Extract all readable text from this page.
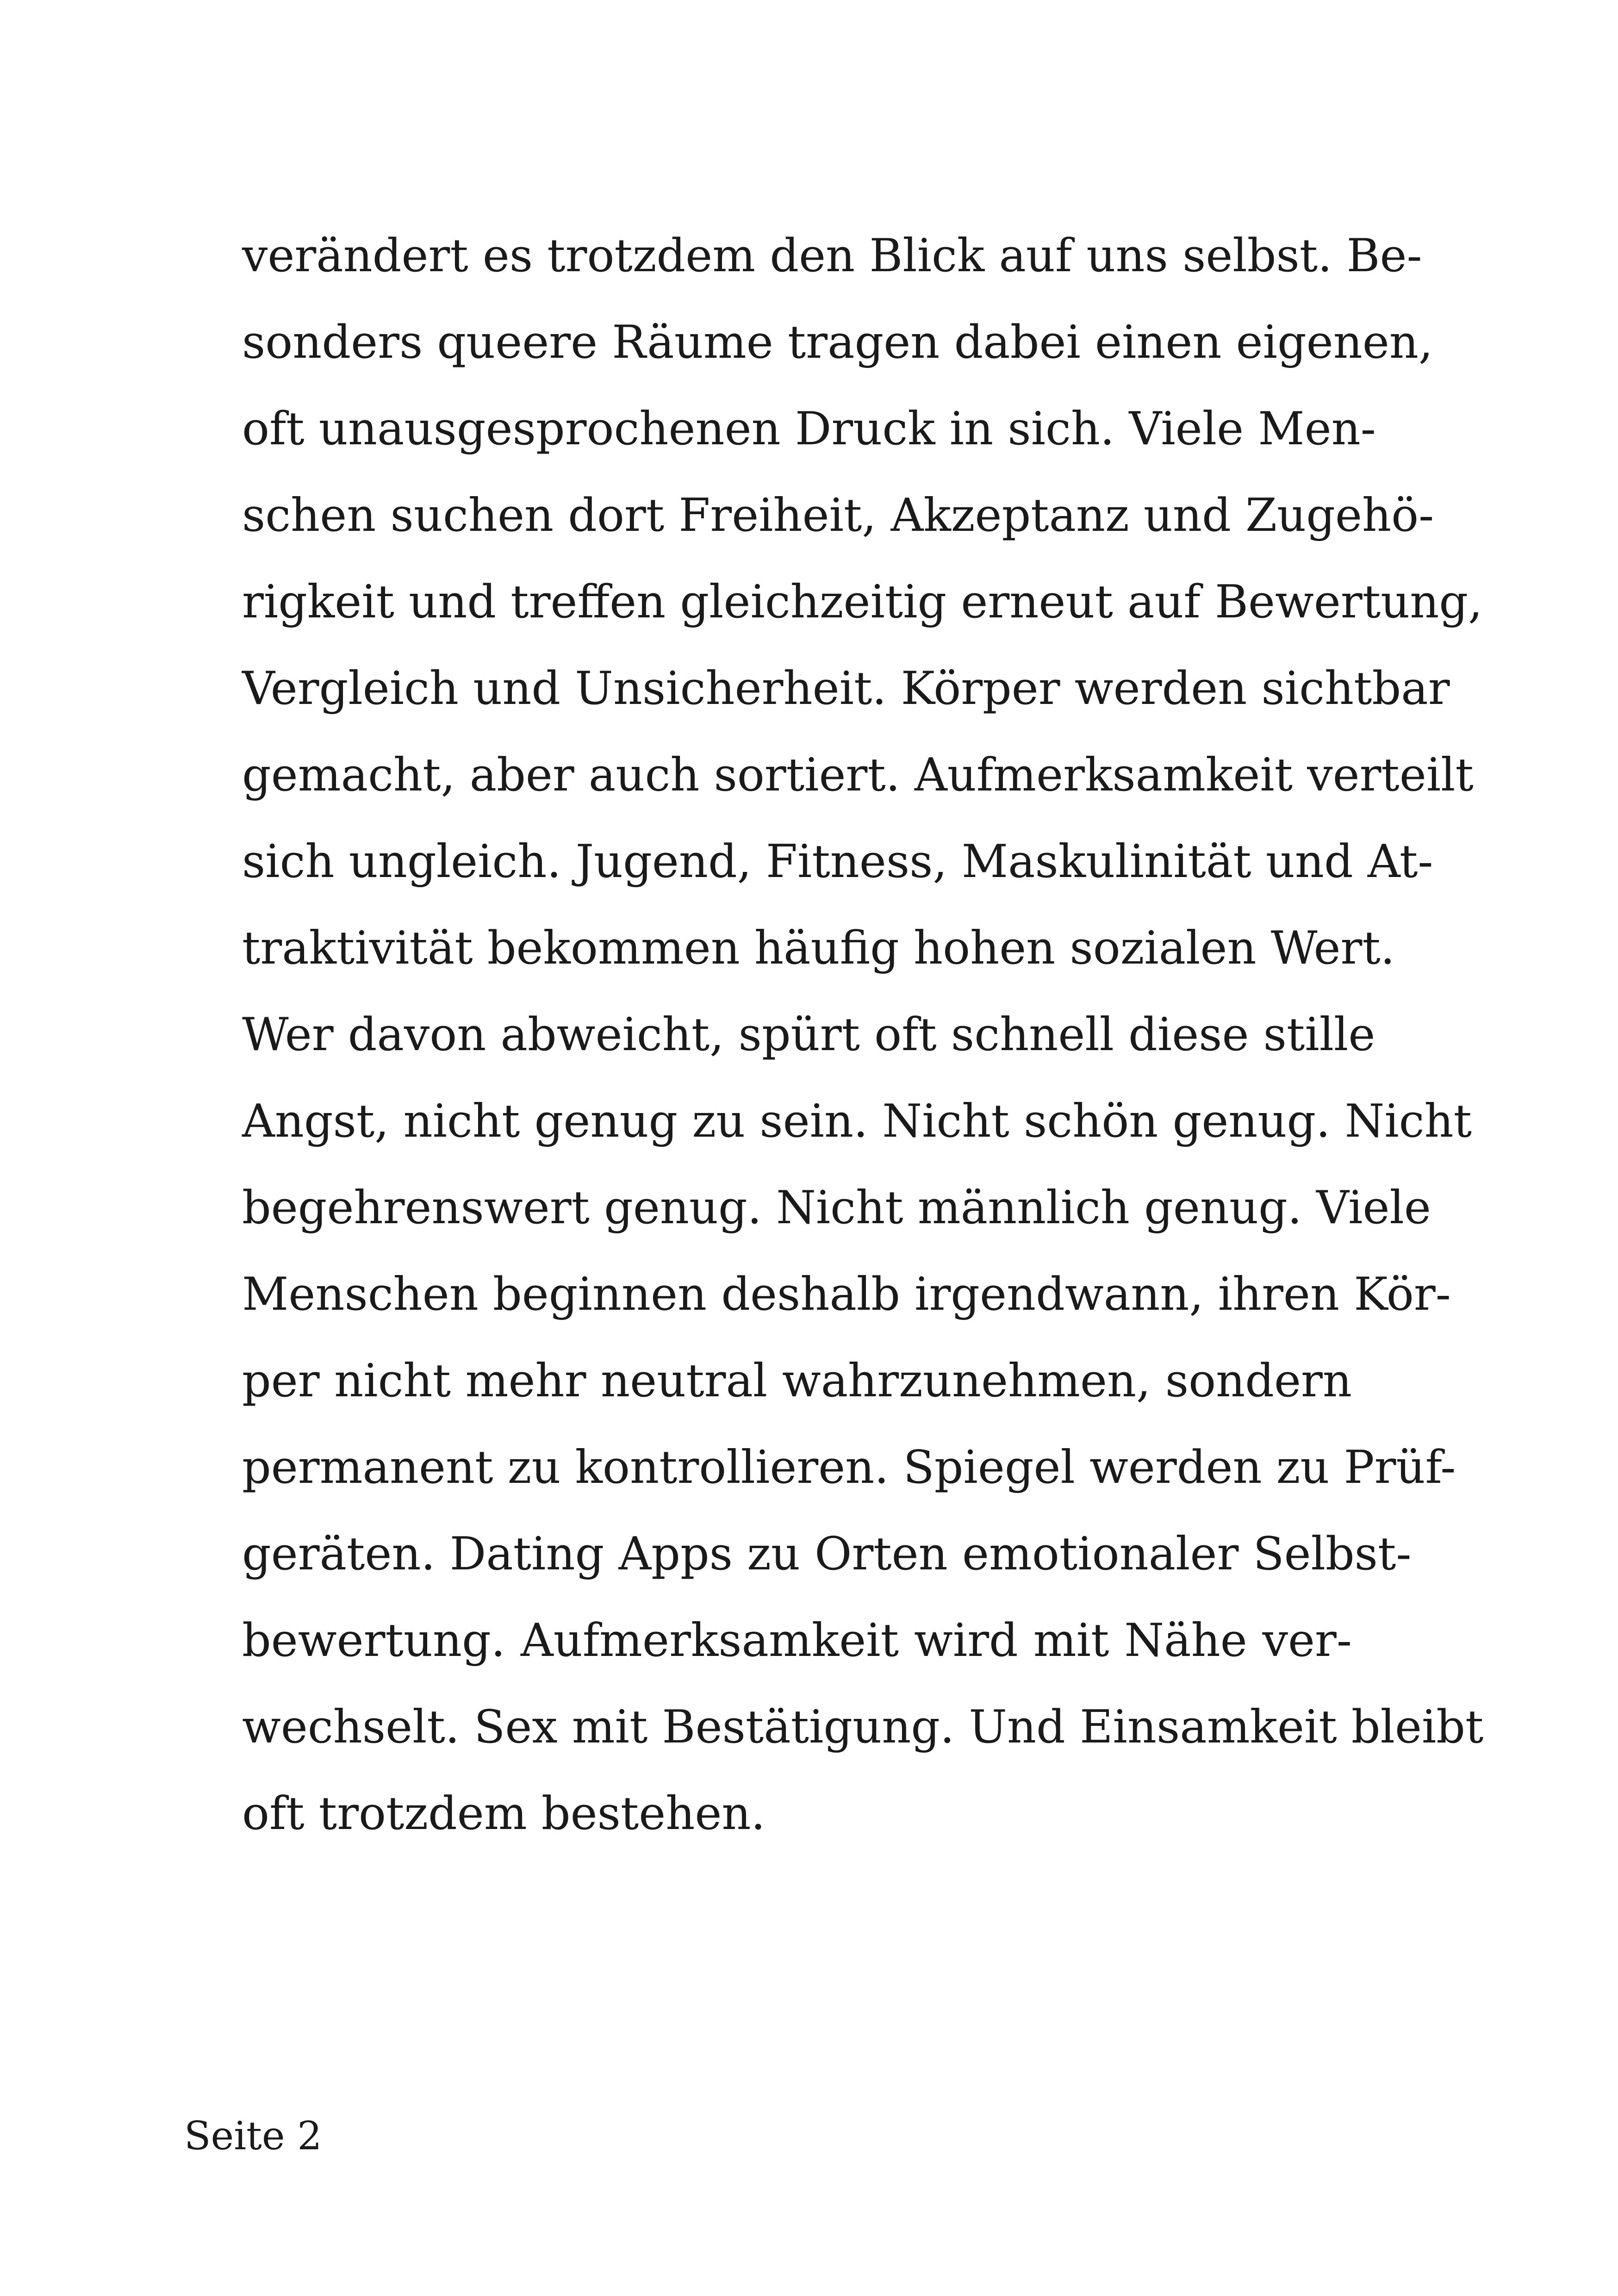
verändert es trotzdem den Blick auf uns selbst. Be-
sonders queere Räume tragen dabei einen eigenen,
oft unausgesprochenen Druck in sich. Viele Men-
schen suchen dort Freiheit, Akzeptanz und Zugehö-
rigkeit und treffen gleichzeitig erneut auf Bewertung,
Vergleich und Unsicherheit. Körper werden sichtbar
gemacht, aber auch sortiert. Aufmerksamkeit verteilt
sich ungleich. Jugend, Fitness, Maskulinität und At-
traktivität bekommen häufig hohen sozialen Wert.
Wer davon abweicht, spürt oft schnell diese stille
Angst, nicht genug zu sein. Nicht schön genug. Nicht
begehrenswert genug. Nicht männlich genug. Viele
Menschen beginnen deshalb irgendwann, ihren Kör-
per nicht mehr neutral wahrzunehmen, sondern
permanent zu kontrollieren. Spiegel werden zu Prüf-
geräten. Dating Apps zu Orten emotionaler Selbst-
bewertung. Aufmerksamkeit wird mit Nähe ver-
wechselt. Sex mit Bestätigung. Und Einsamkeit bleibt
oft trotzdem bestehen.
Seite 2
